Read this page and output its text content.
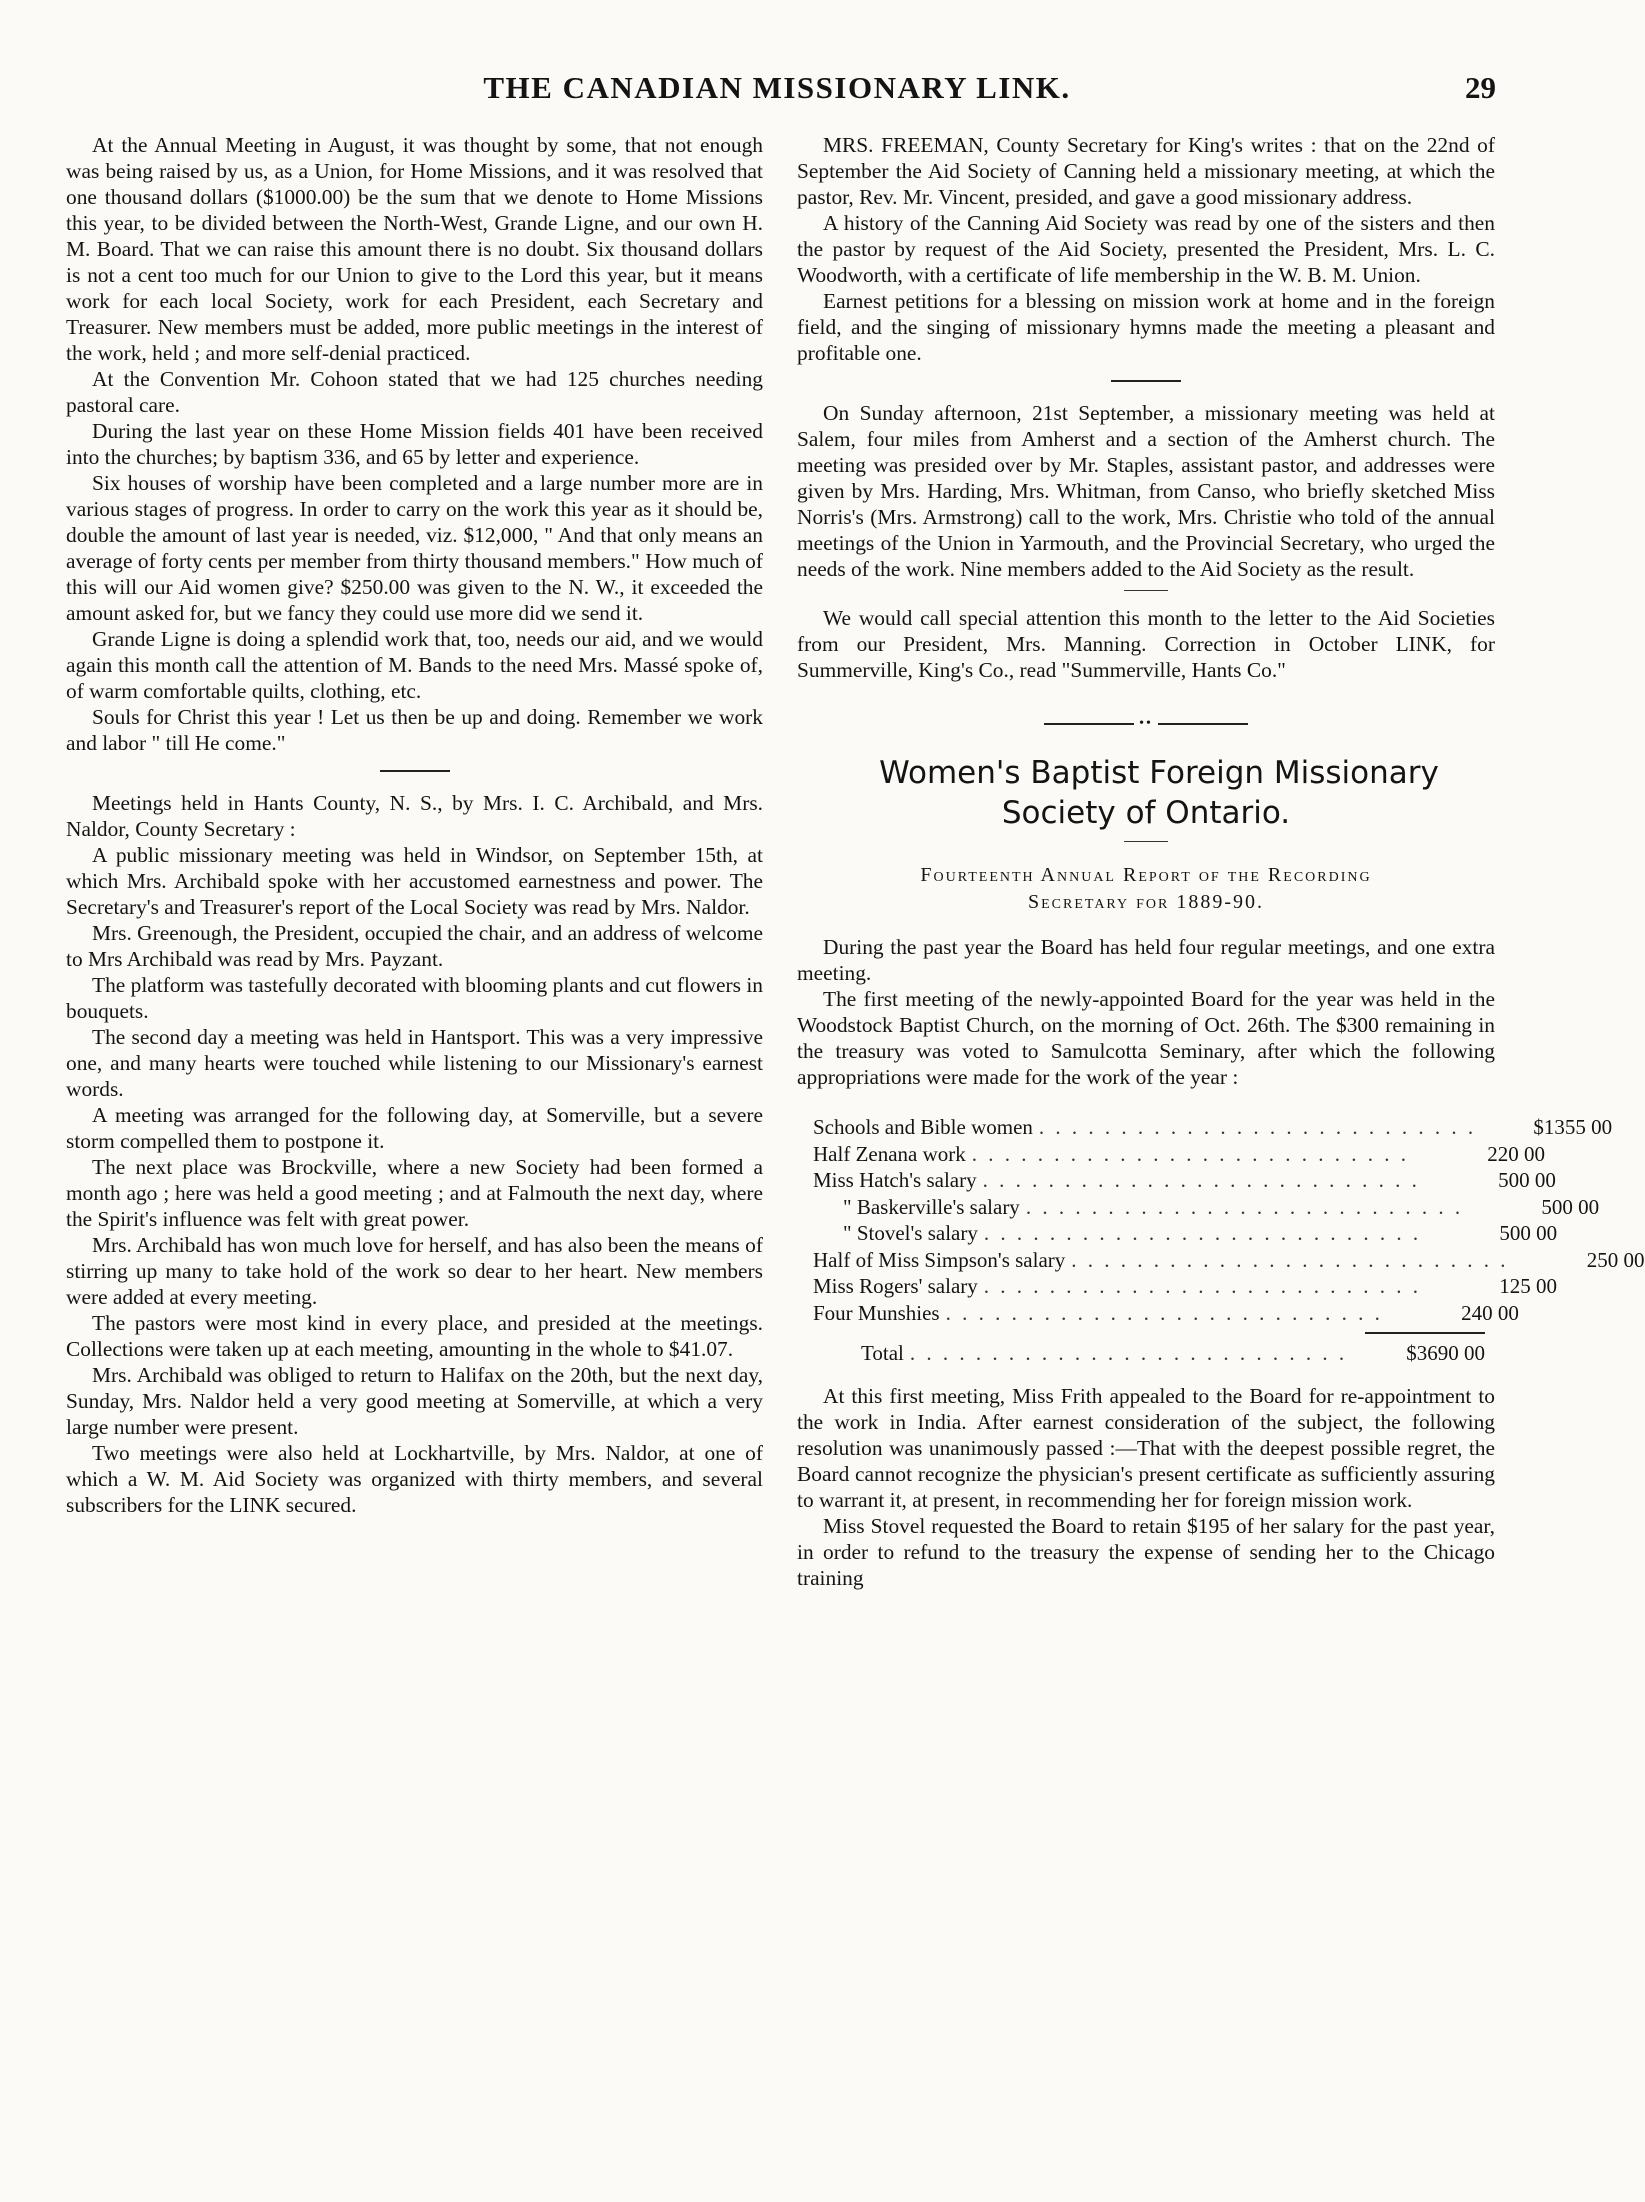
THE CANADIAN MISSIONARY LINK.	29

At the Annual Meeting in August, it was thought by some, that not enough was being raised by us, as a Union, for Home Missions, and it was resolved that one thousand dollars ($1000.00) be the sum that we denote to Home Missions this year, to be divided between the North-West, Grande Ligne, and our own H. M. Board. That we can raise this amount there is no doubt. Six thousand dollars is not a cent too much for our Union to give to the Lord this year, but it means work for each local Society, work for each President, each Secretary and Treasurer. New members must be added, more public meetings in the interest of the work, held ; and more self-denial practiced.

At the Convention Mr. Cohoon stated that we had 125 churches needing pastoral care.

During the last year on these Home Mission fields 401 have been received into the churches; by baptism 336, and 65 by letter and experience.

Six houses of worship have been completed and a large number more are in various stages of progress. In order to carry on the work this year as it should be, double the amount of last year is needed, viz. $12,000, " And that only means an average of forty cents per member from thirty thousand members." How much of this will our Aid women give? $250.00 was given to the N. W., it exceeded the amount asked for, but we fancy they could use more did we send it.

Grande Ligne is doing a splendid work that, too, needs our aid, and we would again this month call the attention of M. Bands to the need Mrs. Massé spoke of, of warm comfortable quilts, clothing, etc.

Souls for Christ this year ! Let us then be up and doing. Remember we work and labor " till He come."

Meetings held in Hants County, N. S., by Mrs. I. C. Archibald, and Mrs. Naldor, County Secretary :

A public missionary meeting was held in Windsor, on September 15th, at which Mrs. Archibald spoke with her accustomed earnestness and power. The Secretary's and Treasurer's report of the Local Society was read by Mrs. Naldor.

Mrs. Greenough, the President, occupied the chair, and an address of welcome to Mrs Archibald was read by Mrs. Payzant.

The platform was tastefully decorated with blooming plants and cut flowers in bouquets.

The second day a meeting was held in Hantsport. This was a very impressive one, and many hearts were touched while listening to our Missionary's earnest words.

A meeting was arranged for the following day, at Somerville, but a severe storm compelled them to postpone it.

The next place was Brockville, where a new Society had been formed a month ago ; here was held a good meeting ; and at Falmouth the next day, where the Spirit's influence was felt with great power.

Mrs. Archibald has won much love for herself, and has also been the means of stirring up many to take hold of the work so dear to her heart. New members were added at every meeting.

The pastors were most kind in every place, and presided at the meetings. Collections were taken up at each meeting, amounting in the whole to $41.07.

Mrs. Archibald was obliged to return to Halifax on the 20th, but the next day, Sunday, Mrs. Naldor held a very good meeting at Somerville, at which a very large number were present.

Two meetings were also held at Lockhartville, by Mrs. Naldor, at one of which a W. M. Aid Society was organized with thirty members, and several subscribers for the LINK secured.

MRS. FREEMAN, County Secretary for King's writes : that on the 22nd of September the Aid Society of Canning held a missionary meeting, at which the pastor, Rev. Mr. Vincent, presided, and gave a good missionary address.

A history of the Canning Aid Society was read by one of the sisters and then the pastor by request of the Aid Society, presented the President, Mrs. L. C. Woodworth, with a certificate of life membership in the W. B. M. Union.

Earnest petitions for a blessing on mission work at home and in the foreign field, and the singing of missionary hymns made the meeting a pleasant and profitable one.

On Sunday afternoon, 21st September, a missionary meeting was held at Salem, four miles from Amherst and a section of the Amherst church. The meeting was presided over by Mr. Staples, assistant pastor, and addresses were given by Mrs. Harding, Mrs. Whitman, from Canso, who briefly sketched Miss Norris's (Mrs. Armstrong) call to the work, Mrs. Christie who told of the annual meetings of the Union in Yarmouth, and the Provincial Secretary, who urged the needs of the work. Nine members added to the Aid Society as the result.

We would call special attention this month to the letter to the Aid Societies from our President, Mrs. Manning. Correction in October LINK, for Summerville, King's Co., read "Summerville, Hants Co."

••

Women's Baptist Foreign Missionary Society of Ontario.

Fourteenth Annual Report of the Recording
Secretary for 1889-90.

During the past year the Board has held four regular meetings, and one extra meeting.

The first meeting of the newly-appointed Board for the year was held in the Woodstock Baptist Church, on the morning of Oct. 26th. The $300 remaining in the treasury was voted to Samulcotta Seminary, after which the following appropriations were made for the work of the year :

Schools and Bible women . . . . . . . . . . . . . . . . . . . . . . . . . . .	$1355 00
Half Zenana work . . . . . . . . . . . . . . . . . . . . . . . . . . .	220 00
Miss Hatch's salary . . . . . . . . . . . . . . . . . . . . . . . . . . .	500 00
" Baskerville's salary . . . . . . . . . . . . . . . . . . . . . . . . . . .	500 00
" Stovel's salary . . . . . . . . . . . . . . . . . . . . . . . . . . .	500 00
Half of Miss Simpson's salary . . . . . . . . . . . . . . . . . . . . . . . . . . .	250 00
Miss Rogers' salary . . . . . . . . . . . . . . . . . . . . . . . . . . .	125 00
Four Munshies . . . . . . . . . . . . . . . . . . . . . . . . . . .	240 00
Total . . . . . . . . . . . . . . . . . . . . . . . . . . .	$3690 00

At this first meeting, Miss Frith appealed to the Board for re-appointment to the work in India. After earnest consideration of the subject, the following resolution was unanimously passed :—That with the deepest possible regret, the Board cannot recognize the physician's present certificate as sufficiently assuring to warrant it, at present, in recommending her for foreign mission work.

Miss Stovel requested the Board to retain $195 of her salary for the past year, in order to refund to the treasury the expense of sending her to the Chicago training
